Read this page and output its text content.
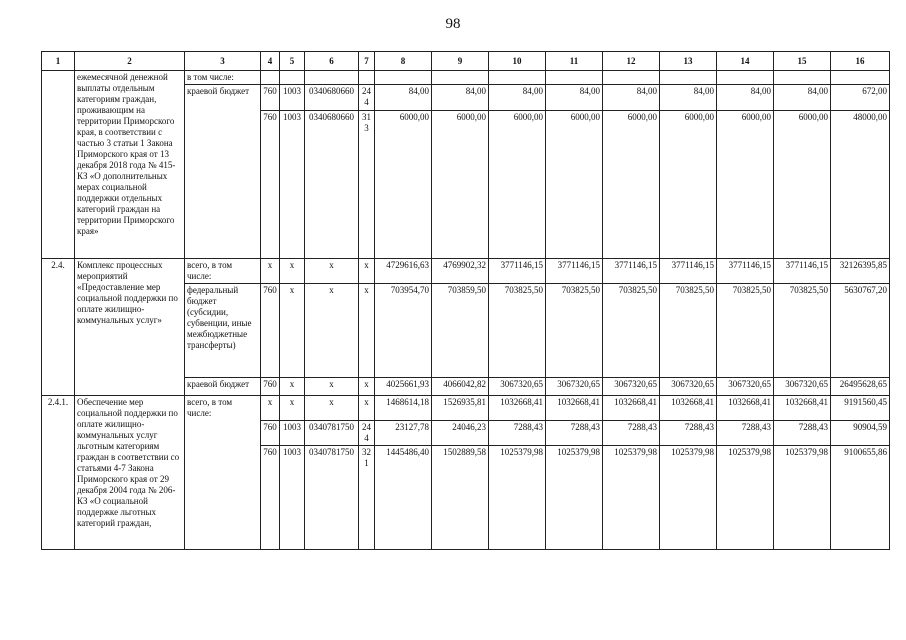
98
1	2	3	4	5	6	7	8	9	10	11	12	13	14	15	16
	ежемесячной денежной выплаты отдельным категориям граждан, проживающим на территории Приморского края, в соответствии с частью 3 статьи 1 Закона Приморского края от 13 декабря 2018 года № 415-КЗ «О дополнительных мерах социальной поддержки отдельных категорий граждан на территории Приморского края»	в том числе:													
		краевой бюджет	760	1003	0340680660	244	84,00	84,00	84,00	84,00	84,00	84,00	84,00	84,00	672,00
			760	1003	0340680660	313	6000,00	6000,00	6000,00	6000,00	6000,00	6000,00	6000,00	6000,00	48000,00
2.4.	Комплекс процессных мероприятий «Предоставление мер социальной поддержки по оплате жилищно-коммунальных услуг»	всего, в том числе:	x	x	x	x	4729616,63	4769902,32	3771146,15	3771146,15	3771146,15	3771146,15	3771146,15	3771146,15	32126395,85
		федеральный бюджет (субсидии, субвенции, иные межбюджетные трансферты)	760	x	x	x	703954,70	703859,50	703825,50	703825,50	703825,50	703825,50	703825,50	703825,50	5630767,20
		краевой бюджет	760	x	x	x	4025661,93	4066042,82	3067320,65	3067320,65	3067320,65	3067320,65	3067320,65	3067320,65	26495628,65
2.4.1.	Обеспечение мер социальной поддержки по оплате жилищно-коммунальных услуг льготным категориям граждан в соответствии со статьями 4-7 Закона Приморского края от 29 декабря 2004 года № 206-КЗ «О социальной поддержке льготных категорий граждан,	всего, в том числе:	x	x	x	x	1468614,18	1526935,81	1032668,41	1032668,41	1032668,41	1032668,41	1032668,41	1032668,41	9191560,45
			760	1003	0340781750	244	23127,78	24046,23	7288,43	7288,43	7288,43	7288,43	7288,43	7288,43	90904,59
			760	1003	0340781750	321	1445486,40	1502889,58	1025379,98	1025379,98	1025379,98	1025379,98	1025379,98	1025379,98	9100655,86
